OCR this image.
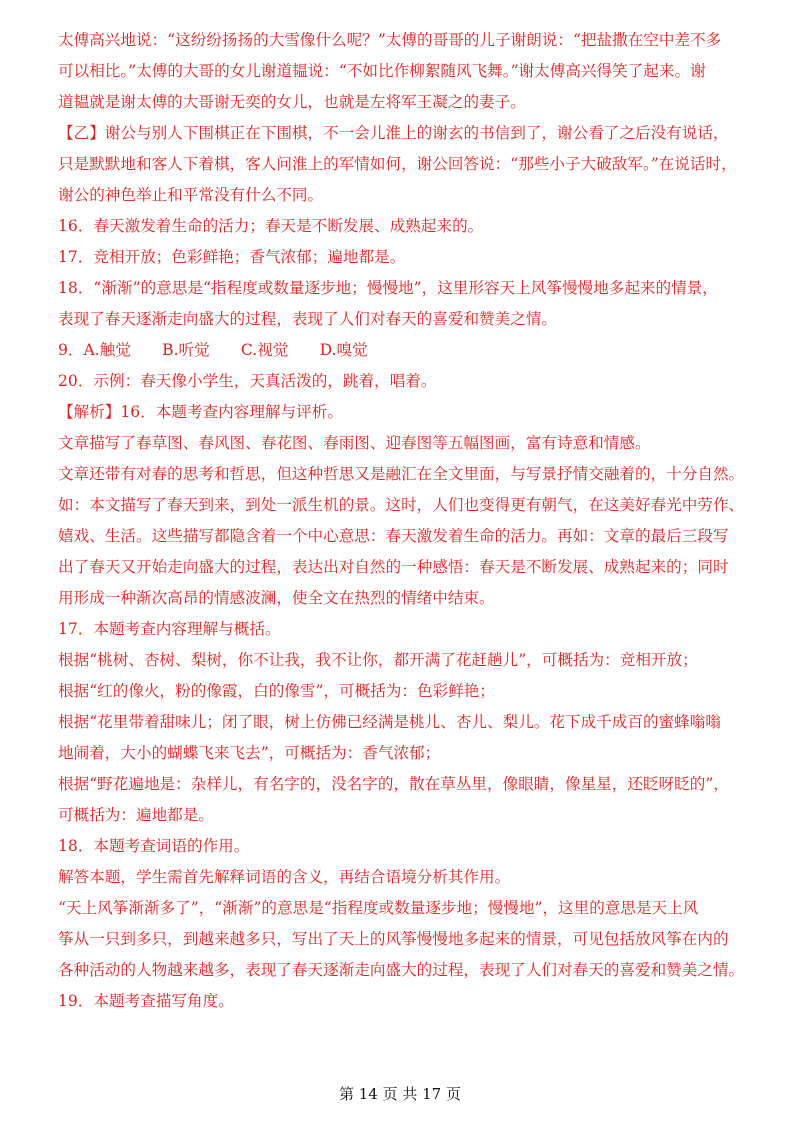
太傅高兴地说：“这纷纷扬扬的大雪像什么呢？”太傅的哥哥的儿子谢朗说：“把盐撒在空中差不多
可以相比。”太傅的大哥的女儿谢道韫说：“不如比作柳絮随风飞舞。”谢太傅高兴得笑了起来。谢
道韫就是谢太傅的大哥谢无奕的女儿，也就是左将军王凝之的妻子。
【乙】谢公与别人下围棋正在下围棋，不一会儿淮上的谢玄的书信到了，谢公看了之后没有说话，
只是默默地和客人下着棋，客人问淮上的军情如何，谢公回答说：“那些小子大破敌军。”在说话时，
谢公的神色举止和平常没有什么不同。
16．春天激发着生命的活力；春天是不断发展、成熟起来的。
17．竞相开放；色彩鲜艳；香气浓郁；遍地都是。
18．“渐渐”的意思是“指程度或数量逐步地；慢慢地”，这里形容天上风筝慢慢地多起来的情景，
表现了春天逐渐走向盛大的过程，表现了人们对春天的喜爱和赞美之情。
9．A.触觉　　B.听觉　　C.视觉　　D.嗅觉
20．示例：春天像小学生，天真活泼的，跳着，唱着。
【解析】16．本题考查内容理解与评析。
文章描写了春草图、春风图、春花图、春雨图、迎春图等五幅图画，富有诗意和情感。
文章还带有对春的思考和哲思，但这种哲思又是融汇在全文里面，与写景抒情交融着的，十分自然。
如：本文描写了春天到来，到处一派生机的景。这时，人们也变得更有朝气，在这美好春光中劳作、
嬉戏、生活。这些描写都隐含着一个中心意思：春天激发着生命的活力。再如：文章的最后三段写
出了春天又开始走向盛大的过程，表达出对自然的一种感悟：春天是不断发展、成熟起来的；同时
用形成一种渐次高昂的情感波澜，使全文在热烈的情绪中结束。
17．本题考查内容理解与概括。
根据“桃树、杏树、梨树，你不让我，我不让你，都开满了花赶趟儿”，可概括为：竞相开放；
根据“红的像火，粉的像霞，白的像雪”，可概括为：色彩鲜艳；
根据“花里带着甜味儿；闭了眼，树上仿佛已经满是桃儿、杏儿、梨儿。花下成千成百的蜜蜂嗡嗡
地闹着，大小的蝴蝶飞来飞去”，可概括为：香气浓郁；
根据“野花遍地是：杂样儿，有名字的，没名字的，散在草丛里，像眼睛，像星星，还眨呀眨的”，
可概括为：遍地都是。
18．本题考查词语的作用。
解答本题，学生需首先解释词语的含义，再结合语境分析其作用。
“天上风筝渐渐多了”，“渐渐”的意思是“指程度或数量逐步地；慢慢地”，这里的意思是天上风
筝从一只到多只，到越来越多只，写出了天上的风筝慢慢地多起来的情景，可见包括放风筝在内的
各种活动的人物越来越多，表现了春天逐渐走向盛大的过程，表现了人们对春天的喜爱和赞美之情。
19．本题考查描写角度。
第 14 页 共 17 页
